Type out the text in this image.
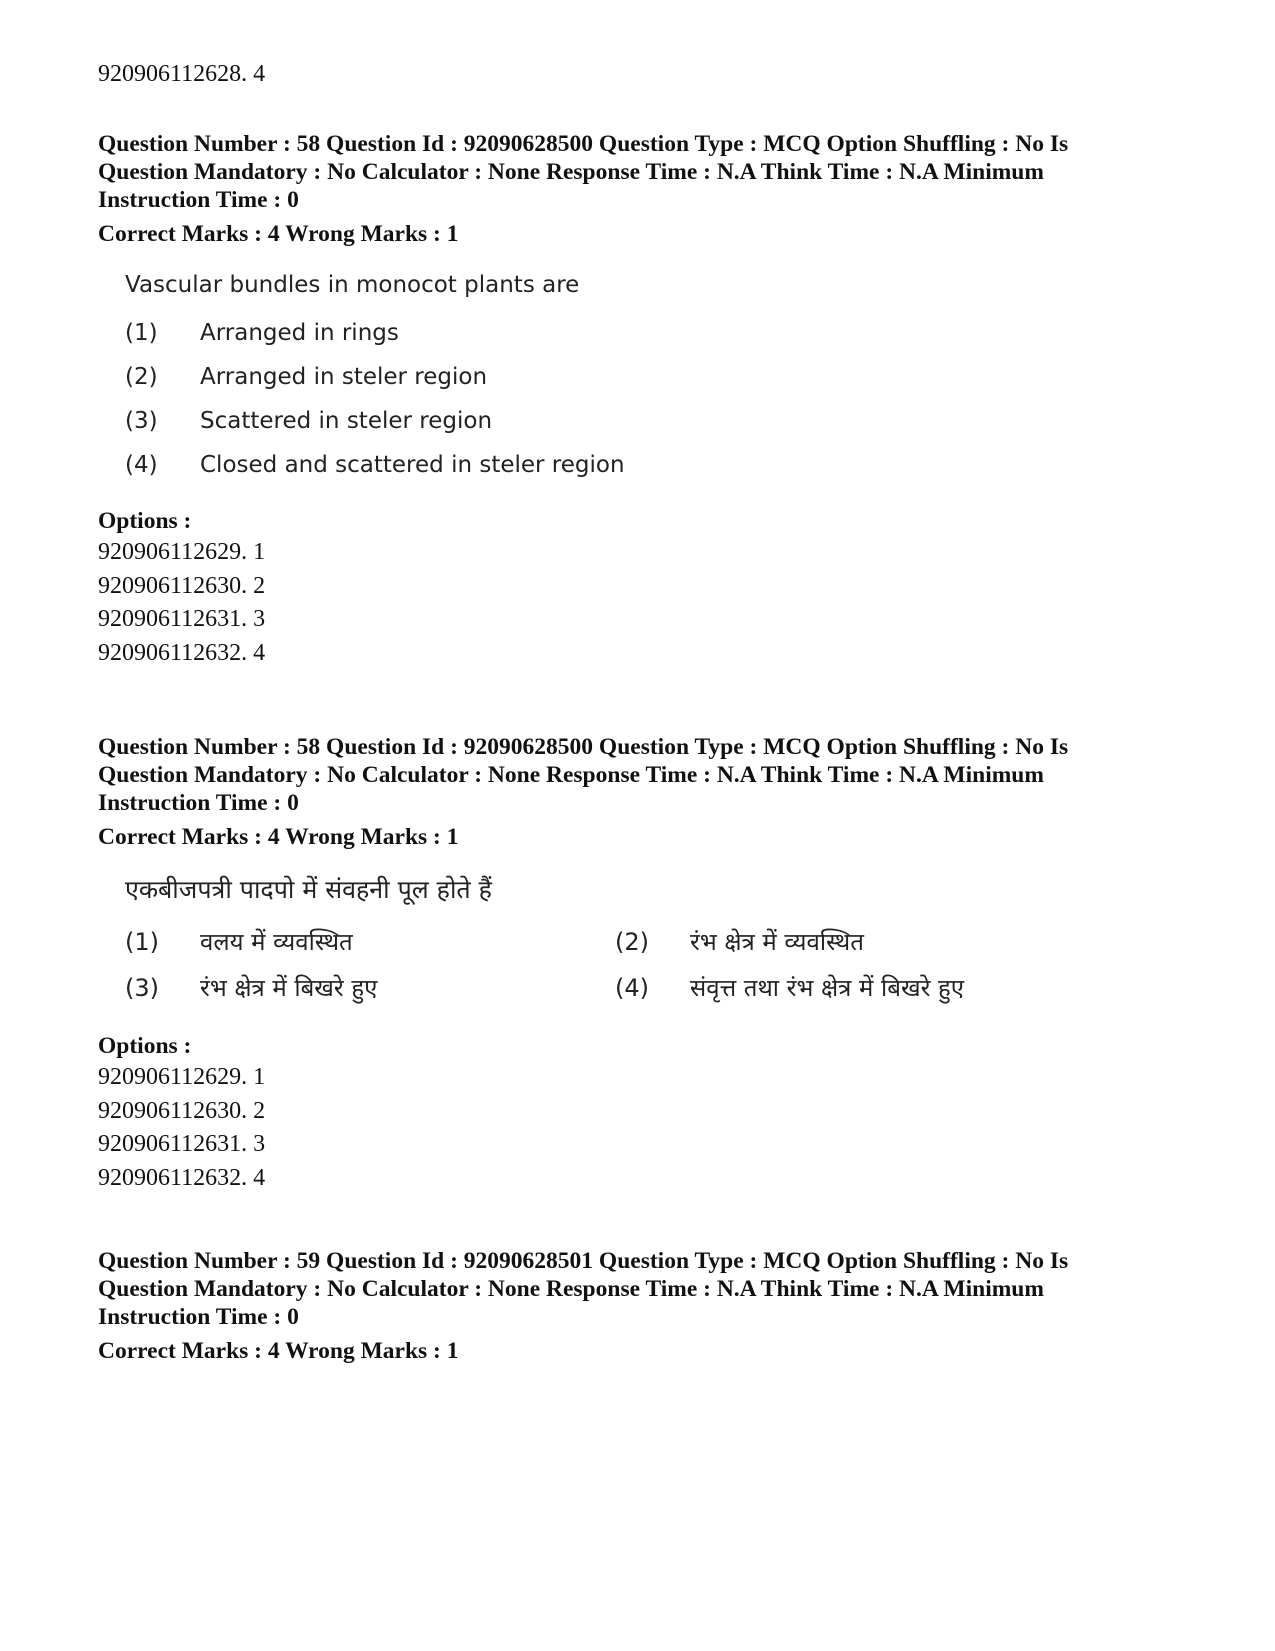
920906112628. 4

Question Number : 58 Question Id : 92090628500 Question Type : MCQ Option Shuffling : No Is

Question Mandatory : No Calculator : None Response Time : N.A Think Time : N.A Minimum

Instruction Time : 0

Correct Marks : 4 Wrong Marks : 1
Vascular bundles in monocot plants are
(1)	Arranged in rings
(2)	Arranged in steler region
(3)	Scattered in steler region
(4)	Closed and scattered in steler region
Options :
920906112629. 1
920906112630. 2
920906112631. 3
920906112632. 4

Question Number : 58 Question Id : 92090628500 Question Type : MCQ Option Shuffling : No Is

Question Mandatory : No Calculator : None Response Time : N.A Think Time : N.A Minimum

Instruction Time : 0

Correct Marks : 4 Wrong Marks : 1
एकबीजपत्री पादपो में संवहनी पूल होते हैं
(1)	वलय में व्यवस्थित	(2)	रंभ क्षेत्र में व्यवस्थित
(3)	रंभ क्षेत्र में बिखरे हुए	(4)	संवृत्त तथा रंभ क्षेत्र में बिखरे हुए
Options :
920906112629. 1
920906112630. 2
920906112631. 3
920906112632. 4

Question Number : 59 Question Id : 92090628501 Question Type : MCQ Option Shuffling : No Is

Question Mandatory : No Calculator : None Response Time : N.A Think Time : N.A Minimum

Instruction Time : 0

Correct Marks : 4 Wrong Marks : 1
